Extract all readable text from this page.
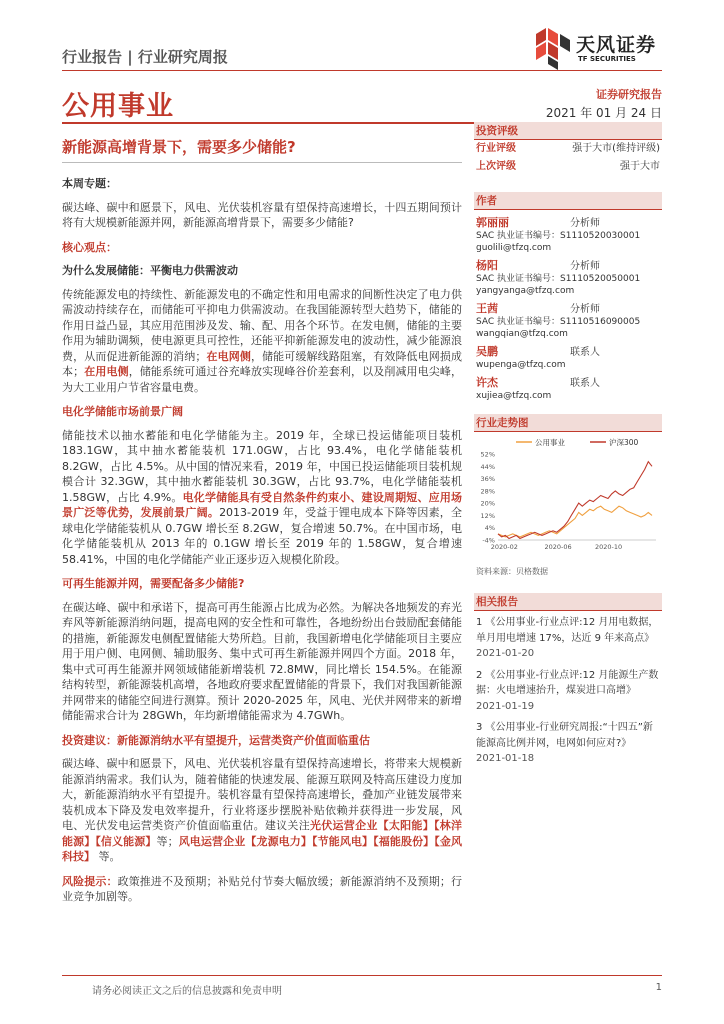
行业报告 | 行业研究周报
天风证券
TF SECURITIES
公用事业	证券研究报告
2021 年 01 月 24 日
新能源高增背景下，需要多少储能?
本周专题：

碳达峰、碳中和愿景下，风电、光伏装机容量有望保持高速增长，十四五期间预计将有大规模新能源并网，新能源高增背景下，需要多少储能?

核心观点：
为什么发展储能：平衡电力供需波动

传统能源发电的持续性、新能源发电的不确定性和用电需求的间断性决定了电力供需波动持续存在，而储能可平抑电力供需波动。在我国能源转型大趋势下，储能的作用日益凸显，其应用范围涉及发、输、配、用各个环节。在发电侧，储能的主要作用为辅助调频，使电源更具可控性，还能平抑新能源发电的波动性，减少能源浪费，从而促进新能源的消纳；在电网侧，储能可缓解线路阻塞，有效降低电网损成本；在用电侧，储能系统可通过谷充峰放实现峰谷价差套利，以及削减用电尖峰，为大工业用户节省容量电费。

电化学储能市场前景广阔

储能技术以抽水蓄能和电化学储能为主。2019 年，全球已投运储能项目装机 183.1GW，其中抽水蓄能装机 171.0GW，占比 93.4%，电化学储能装机 8.2GW，占比 4.5%。从中国的情况来看，2019 年，中国已投运储能项目装机规模合计 32.3GW，其中抽水蓄能装机 30.3GW，占比 93.7%，电化学储能装机 1.58GW，占比 4.9%。电化学储能具有受自然条件约束小、建设周期短、应用场景广泛等优势，发展前景广阔。2013-2019 年，受益于锂电成本下降等因素，全球电化学储能装机从 0.7GW 增长至 8.2GW，复合增速 50.7%。在中国市场，电化学储能装机从 2013 年的 0.1GW 增长至 2019 年的 1.58GW，复合增速 58.41%，中国的电化学储能产业正逐步迈入规模化阶段。

可再生能源并网，需要配备多少储能?

在碳达峰、碳中和承诺下，提高可再生能源占比成为必然。为解决各地频发的弃光弃风等新能源消纳问题，提高电网的安全性和可靠性，各地纷纷出台鼓励配套储能的措施，新能源发电侧配置储能大势所趋。目前，我国新增电化学储能项目主要应用于用户侧、电网侧、辅助服务、集中式可再生新能源并网四个方面。2018 年，集中式可再生能源并网领域储能新增装机 72.8MW，同比增长 154.5%。在能源结构转型，新能源装机高增，各地政府要求配置储能的背景下，我们对我国新能源并网带来的储能空间进行测算。预计 2020-2025 年，风电、光伏并网带来的新增储能需求合计为 28GWh，年均新增储能需求为 4.7GWh。

投资建议：新能源消纳水平有望提升，运营类资产价值面临重估

碳达峰、碳中和愿景下，风电、光伏装机容量有望保持高速增长，将带来大规模新能源消纳需求。我们认为，随着储能的快速发展、能源互联网及特高压建设力度加大，新能源消纳水平有望提升。装机容量有望保持高速增长，叠加产业链发展带来装机成本下降及发电效率提升，行业将逐步摆脱补贴依赖并获得进一步发展，风电、光伏发电运营类资产价值面临重估。建议关注光伏运营企业【太阳能】【林洋能源】【信义能源】等；风电运营企业【龙源电力】【节能风电】【福能股份】【金风科技】 等。

风险提示：政策推进不及预期；补贴兑付节奏大幅放缓；新能源消纳不及预期；行业竞争加剧等。

投资评级
行业评级	强于大市(维持评级)
上次评级	强于大市
作者
郭丽丽	分析师
SAC 执业证书编号：S1110520030001
guolili@tfzq.com
杨阳	分析师
SAC 执业证书编号：S1110520050001
yangyanga@tfzq.com
王茜	分析师
SAC 执业证书编号：S1110516090005
wangqian@tfzq.com
吴鹏	联系人
wupenga@tfzq.com
许杰	联系人
xujiea@tfzq.com
行业走势图
公用事业	沪深300
52%
44%
36%
28%
20%
12%
4%
-4%
2020-02	2020-06	2020-10
资料来源：贝格数据
相关报告
1 《公用事业-行业点评:12 月用电数据，单月用电增速 17%，达近 9 年来高点》 2021-01-20
2 《公用事业-行业点评:12 月能源生产数据：火电增速抬升，煤炭进口高增》 2021-01-19
3 《公用事业-行业研究周报:“十四五”新能源高比例并网，电网如何应对?》 2021-01-18
请务必阅读正文之后的信息披露和免责申明	1
